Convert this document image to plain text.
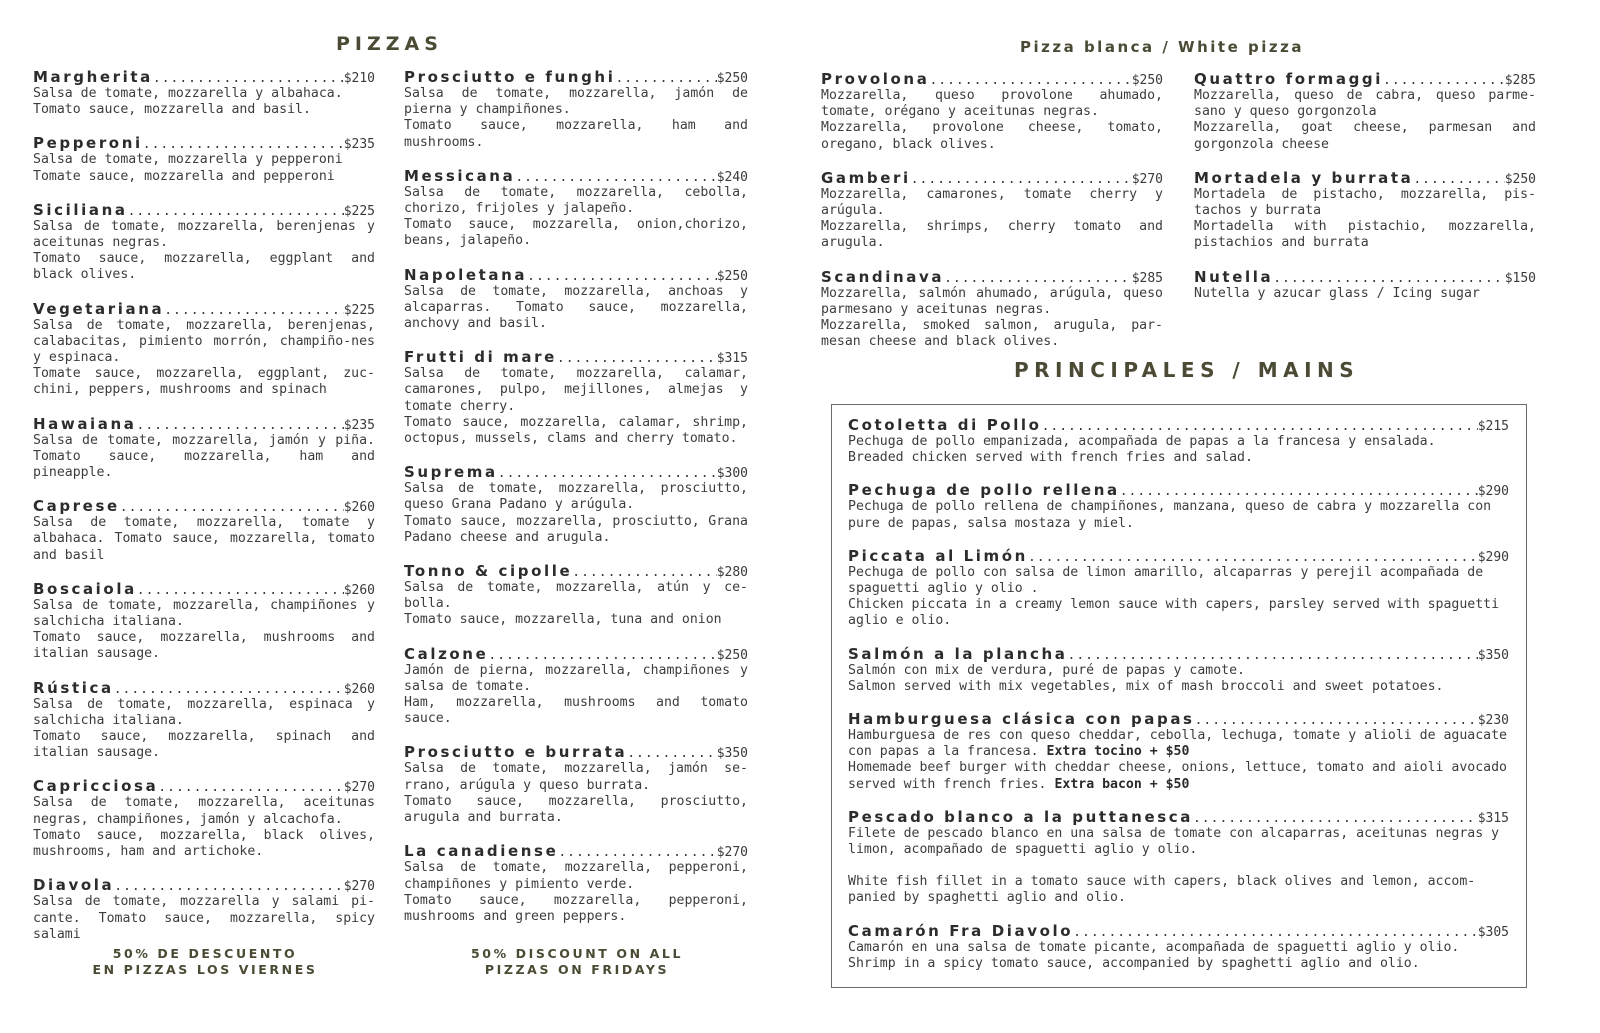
PIZZAS	Pizza blanca / White pizza
PRINCIPALES / MAINS
Margherita .....	$210
Salsa de tomate, mozzarella y albahaca.
Tomato sauce, mozzarella and basil.
Pepperoni .....	$235
Salsa de tomate, mozzarella y pepperoni
Tomate sauce, mozzarella and pepperoni
Siciliana .....	$225
Salsa de tomate, mozzarella, berenjenas y aceitunas negras.
Tomato sauce, mozzarella, eggplant and black olives.
Vegetariana .....	$225
Salsa de tomate, mozzarella, berenjenas, calabacitas, pimiento morrón, champiño-nes y espinaca.
Tomate sauce, mozzarella, eggplant, zuc-chini, peppers, mushrooms and spinach
Hawaiana .....	$235
Salsa de tomate, mozzarella, jamón y piña. Tomato sauce, mozzarella, ham and pineapple.
Caprese .....	$260
Salsa de tomate, mozzarella, tomate y albahaca. Tomato sauce, mozzarella, tomato and basil
Boscaiola .....	$260
Salsa de tomate, mozzarella, champiñones y salchicha italiana.
Tomato sauce, mozzarella, mushrooms and italian sausage.
Rústica .....	$260
Salsa de tomate, mozzarella, espinaca y salchicha italiana.
Tomato sauce, mozzarella, spinach and italian sausage.
Capricciosa .....	$270
Salsa de tomate, mozzarella, aceitunas negras, champiñones, jamón y alcachofa.
Tomato sauce, mozzarella, black olives, mushrooms, ham and artichoke.
Diavola .....	$270
Salsa de tomate, mozzarella y salami pi-cante. Tomato sauce, mozzarella, spicy salami
Prosciutto e funghi .....	$250
Salsa de tomate, mozzarella, jamón de pierna y champiñones.
Tomato sauce, mozzarella, ham and mushrooms.
Messicana .....	$240
Salsa de tomate, mozzarella, cebolla, chorizo, frijoles y jalapeño.
Tomato sauce, mozzarella, onion,chorizo, beans, jalapeño.
Napoletana .....	$250
Salsa de tomate, mozzarella, anchoas y alcaparras. Tomato sauce, mozzarella, anchovy and basil.
Frutti di mare .....	$315
Salsa de tomate, mozzarella, calamar, camarones, pulpo, mejillones, almejas y tomate cherry.
Tomato sauce, mozzarella, calamar, shrimp, octopus, mussels, clams and cherry tomato.
Suprema .....	$300
Salsa de tomate, mozzarella, prosciutto, queso Grana Padano y arúgula.
Tomato sauce, mozzarella, prosciutto, Grana Padano cheese and arugula.
Tonno & cipolle .....	$280
Salsa de tomate, mozzarella, atún y ce-bolla.
Tomato sauce, mozzarella, tuna and onion
Calzone .....	$250
Jamón de pierna, mozzarella, champiñones y salsa de tomate.
Ham, mozzarella, mushrooms and tomato sauce.
Prosciutto e burrata .....	$350
Salsa de tomate, mozzarella, jamón se-rrano, arúgula y queso burrata.
Tomato sauce, mozzarella, prosciutto, arugula and burrata.
La canadiense .....	$270
Salsa de tomate, mozzarella, pepperoni, champiñones y pimiento verde.
Tomato sauce, mozzarella, pepperoni, mushrooms and green peppers.
50% DE DESCUENTO
EN PIZZAS LOS VIERNES
50% DISCOUNT ON ALL
PIZZAS ON FRIDAYS
Provolona .....	$250
Mozzarella, queso provolone ahumado, tomate, orégano y aceitunas negras.
Mozzarella, provolone cheese, tomato, oregano, black olives.
Gamberi .....	$270
Mozzarella, camarones, tomate cherry y arúgula.
Mozzarella, shrimps, cherry tomato and arugula.
Scandinava .....	$285
Mozzarella, salmón ahumado, arúgula, queso parmesano y aceitunas negras.
Mozzarella, smoked salmon, arugula, par-mesan cheese and black olives.
Quattro formaggi .....	$285
Mozzarella, queso de cabra, queso parme-sano y queso gorgonzola
Mozzarella, goat cheese, parmesan and gorgonzola cheese
Mortadela y burrata .....	$250
Mortadela de pistacho, mozzarella, pis-tachos y burrata
Mortadella with pistachio, mozzarella, pistachios and burrata
Nutella .....	$150
Nutella y azucar glass / Icing sugar
Cotoletta di Pollo .....	$215
Pechuga de pollo empanizada, acompañada de papas a la francesa y ensalada.
Breaded chicken served with french fries and salad.
Pechuga de pollo rellena .....	$290
Pechuga de pollo rellena de champiñones, manzana, queso de cabra y mozzarella con pure de papas, salsa mostaza y miel.
Piccata al Limón .....	$290
Pechuga de pollo con salsa de limon amarillo, alcaparras y perejil acompañada de spaguetti aglio y olio .
Chicken piccata in a creamy lemon sauce with capers, parsley served with spaguetti aglio e olio.
Salmón a la plancha .....	$350
Salmón con mix de verdura, puré de papas y camote.
Salmon served with mix vegetables, mix of mash broccoli and sweet potatoes.
Hamburguesa clásica con papas .....	$230
Hamburguesa de res con queso cheddar, cebolla, lechuga, tomate y alioli de aguacate con papas a la francesa. Extra tocino + $50
Homemade beef burger with cheddar cheese, onions, lettuce, tomato and aioli avocado served with french fries. Extra bacon + $50
Pescado blanco a la puttanesca .....	$315
Filete de pescado blanco en una salsa de tomate con alcaparras, aceitunas negras y limon, acompañado de spaguetti aglio y olio.
White fish fillet in a tomato sauce with capers, black olives and lemon, accom-panied by spaghetti aglio and olio.
Camarón Fra Diavolo .....	$305
Camarón en una salsa de tomate picante, acompañada de spaguetti aglio y olio.
Shrimp in a spicy tomato sauce, accompanied by spaghetti aglio and olio.
